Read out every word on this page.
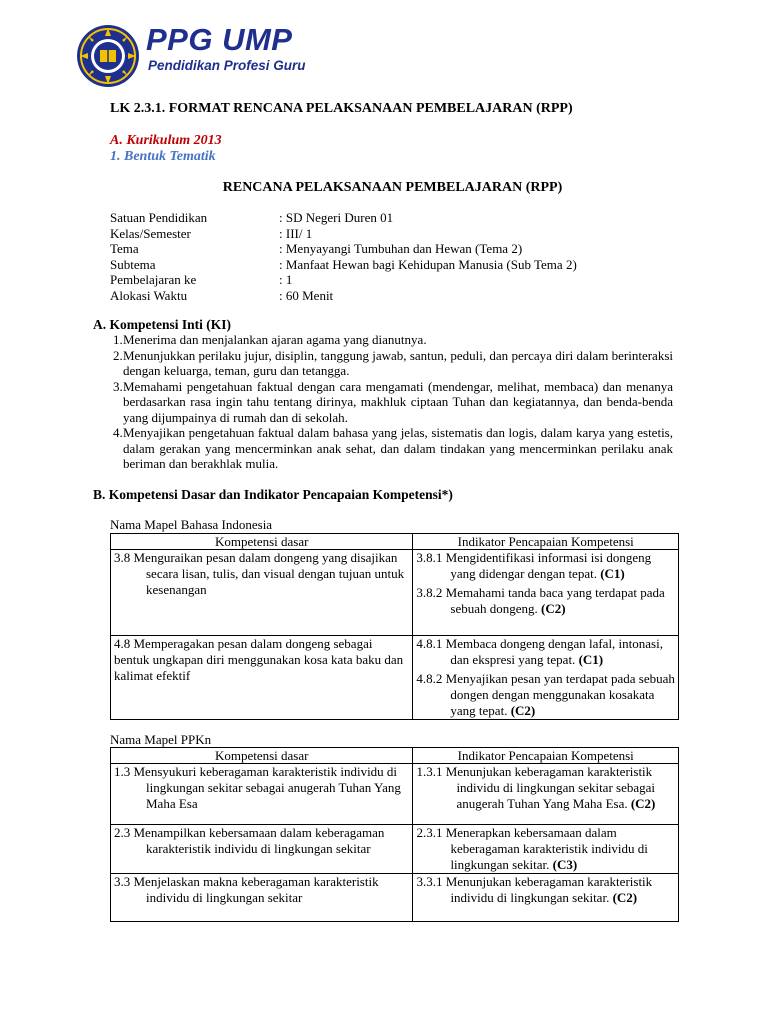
PPG UMP
Pendidikan Profesi Guru
LK 2.3.1. FORMAT RENCANA PELAKSANAAN PEMBELAJARAN (RPP)
A. Kurikulum 2013
1. Bentuk Tematik
RENCANA PELAKSANAAN PEMBELAJARAN (RPP)
Satuan Pendidikan	: SD Negeri Duren 01
Kelas/Semester	: III/ 1
Tema	: Menyayangi Tumbuhan dan Hewan (Tema 2)
Subtema	: Manfaat Hewan bagi Kehidupan Manusia (Sub Tema 2)
Pembelajaran ke	: 1
Alokasi Waktu	: 60 Menit
A. Kompetensi Inti (KI)
1. Menerima dan menjalankan ajaran agama yang dianutnya.
2. Menunjukkan perilaku jujur, disiplin, tanggung jawab, santun, peduli, dan percaya diri dalam berinteraksi dengan keluarga, teman, guru dan tetangga.
3. Memahami pengetahuan faktual dengan cara mengamati (mendengar, melihat, membaca) dan menanya berdasarkan rasa ingin tahu tentang dirinya, makhluk ciptaan Tuhan dan kegiatannya, dan benda-benda yang dijumpainya di rumah dan di sekolah.
4. Menyajikan pengetahuan faktual dalam bahasa yang jelas, sistematis dan logis, dalam karya yang estetis, dalam gerakan yang mencerminkan anak sehat, dan dalam tindakan yang mencerminkan perilaku anak beriman dan berakhlak mulia.
B. Kompetensi Dasar dan Indikator Pencapaian Kompetensi*)
Nama Mapel Bahasa Indonesia
Kompetensi dasar	Indikator Pencapaian Kompetensi

3.8 Menguraikan pesan dalam dongeng yang disajikan secara lisan, tulis, dan visual dengan tujuan untuk kesenangan	3.8.1 Mengidentifikasi informasi isi dongeng yang didengar dengan tepat. (C1)
3.8.2 Memahami tanda baca yang terdapat pada sebuah dongeng. (C2)

4.8 Memperagakan pesan dalam dongeng sebagai bentuk ungkapan diri menggunakan kosa kata baku dan kalimat efektif	4.8.1 Membaca dongeng dengan lafal, intonasi, dan ekspresi yang tepat. (C1)
4.8.2 Menyajikan pesan yan terdapat pada sebuah dongen dengan menggunakan kosakata yang tepat. (C2)
Nama Mapel PPKn
Kompetensi dasar	Indikator Pencapaian Kompetensi

1.3 Mensyukuri keberagaman karakteristik individu di lingkungan sekitar sebagai anugerah Tuhan Yang Maha Esa	1.3.1 Menunjukan keberagaman karakteristik individu di lingkungan sekitar sebagai anugerah Tuhan Yang Maha Esa. (C2)

2.3 Menampilkan kebersamaan dalam keberagaman karakteristik individu di lingkungan sekitar	2.3.1 Menerapkan kebersamaan dalam keberagaman karakteristik individu di lingkungan sekitar. (C3)

3.3 Menjelaskan makna keberagaman karakteristik individu di lingkungan sekitar	3.3.1 Menunjukan keberagaman karakteristik individu di lingkungan sekitar. (C2)
